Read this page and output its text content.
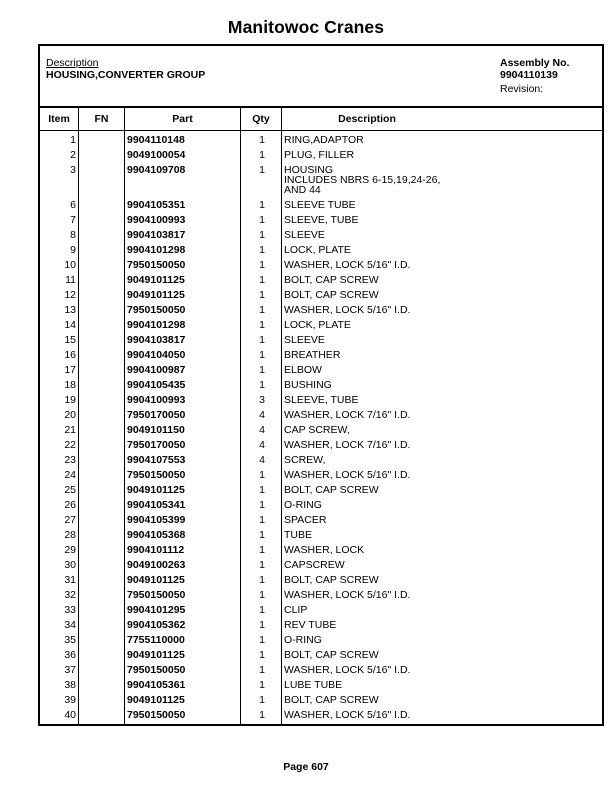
Manitowoc Cranes
Description
HOUSING,CONVERTER GROUP
Assembly No.
9904110139
Revision:
Item	FN	Part	Qty	Description
1	9904110148	1	RING,ADAPTOR
2	9049100054	1	PLUG, FILLER
3	9904109708	1	HOUSING
INCLUDES NBRS 6-15,19,24-26,
AND 44
6	9904105351	1	SLEEVE TUBE
7	9904100993	1	SLEEVE, TUBE
8	9904103817	1	SLEEVE
9	9904101298	1	LOCK, PLATE
10	7950150050	1	WASHER, LOCK 5/16" I.D.
11	9049101125	1	BOLT, CAP SCREW
12	9049101125	1	BOLT, CAP SCREW
13	7950150050	1	WASHER, LOCK 5/16" I.D.
14	9904101298	1	LOCK, PLATE
15	9904103817	1	SLEEVE
16	9904104050	1	BREATHER
17	9904100987	1	ELBOW
18	9904105435	1	BUSHING
19	9904100993	3	SLEEVE, TUBE
20	7950170050	4	WASHER, LOCK 7/16" I.D.
21	9049101150	4	CAP SCREW,
22	7950170050	4	WASHER, LOCK 7/16" I.D.
23	9904107553	4	SCREW,
24	7950150050	1	WASHER, LOCK 5/16" I.D.
25	9049101125	1	BOLT, CAP SCREW
26	9904105341	1	O-RING
27	9904105399	1	SPACER
28	9904105368	1	TUBE
29	9904101112	1	WASHER, LOCK
30	9049100263	1	CAPSCREW
31	9049101125	1	BOLT, CAP SCREW
32	7950150050	1	WASHER, LOCK 5/16" I.D.
33	9904101295	1	CLIP
34	9904105362	1	REV TUBE
35	7755110000	1	O-RING
36	9049101125	1	BOLT, CAP SCREW
37	7950150050	1	WASHER, LOCK 5/16" I.D.
38	9904105361	1	LUBE TUBE
39	9049101125	1	BOLT, CAP SCREW
40	7950150050	1	WASHER, LOCK 5/16" I.D.
Page 607
